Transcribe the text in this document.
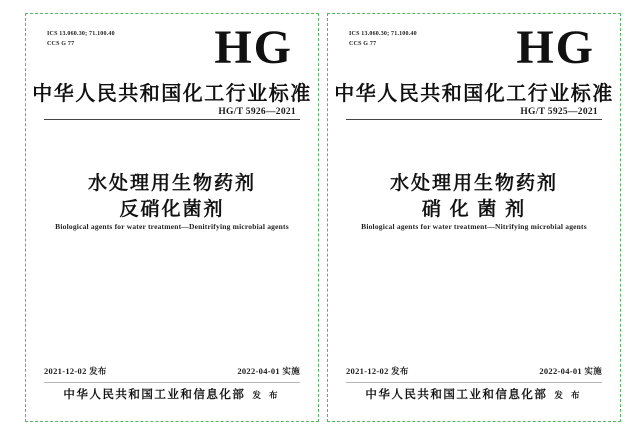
ICS 13.060.30; 71.100.40
CCS G 77	HG
中华人民共和国化工行业标准
HG/T 5926—2021
水处理用生物药剂
反硝化菌剂
Biological agents for water treatment—Denitrifying microbial agents
2021-12-02 发布	2022-04-01 实施
中华人民共和国工业和信息化部 发 布
ICS 13.060.30; 71.100.40
CCS G 77	HG
中华人民共和国化工行业标准
HG/T 5925—2021
水处理用生物药剂
硝 化 菌 剂
Biological agents for water treatment—Nitrifying microbial agents
2021-12-02 发布	2022-04-01 实施
中华人民共和国工业和信息化部 发 布
